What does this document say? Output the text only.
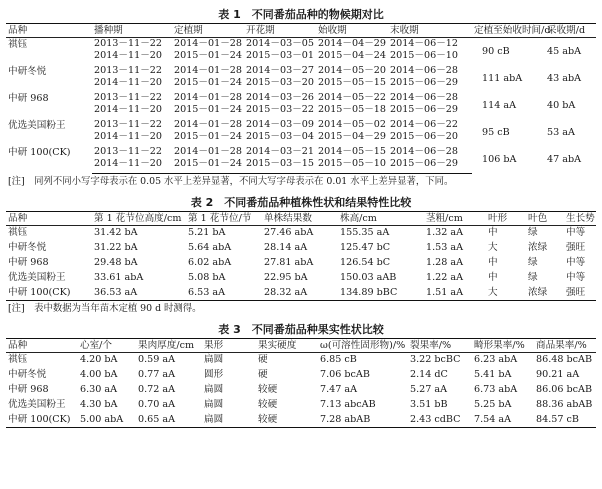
表 1　不同番茄品种的物候期对比
品种	播种期	定植期	开花期	始收期	末收期	定植至始收时间/d	采收期/d
祺钰	2013－11－22	2014－01－28	2014－03－05	2014－04－29	2014－06－12	90 cB	45 abA
	2014－11－20	2015－01－24	2015－03－01	2015－04－24	2015－06－10		
中研冬悦	2013－11－22	2014－01－28	2014－03－27	2014－05－20	2014－06－28	111 abA	43 abA
	2014－11－20	2015－01－24	2015－03－20	2015－05－15	2015－06－29		
中研 968	2013－11－22	2014－01－28	2014－03－26	2014－05－22	2014－06－28	114 aA	40 bA
	2014－11－20	2015－01－24	2015－03－22	2015－05－18	2015－06－29		
优选美国粉王	2013－11－22	2014－01－28	2014－03－09	2014－05－02	2014－06－22	95 cB	53 aA
	2014－11－20	2015－01－24	2015－03－04	2015－04－29	2015－06－20		
中研 100(CK)	2013－11－22	2014－01－28	2014－03－21	2014－05－15	2014－06－28	106 bA	47 abA
	2014－11－20	2015－01－24	2015－03－15	2015－05－10	2015－06－29		
[注]　同列不同小写字母表示在 0.05 水平上差异显著，不同大写字母表示在 0.01 水平上差异显著，下同。
表 2　不同番茄品种植株性状和结果特性比较
品种	第 1 花节位高度/cm	第 1 花节位/节	单株结果数	株高/cm	茎粗/cm	叶形	叶色	生长势
祺钰	31.42 bA	5.21 bA	27.46 abA	155.35 aA	1.32 aA	中	绿	中等
中研冬悦	31.22 bA	5.64 abA	28.14 aA	125.47 bC	1.53 aA	大	浓绿	强旺
中研 968	29.48 bA	6.02 abA	27.81 abA	126.54 bC	1.28 aA	中	绿	中等
优选美国粉王	33.61 abA	5.08 bA	22.95 bA	150.03 aAB	1.22 aA	中	绿	中等
中研 100(CK)	36.53 aA	6.53 aA	28.32 aA	134.89 bBC	1.51 aA	大	浓绿	强旺
[注]　表中数据为当年苗木定植 90 d 时测得。
表 3　不同番茄品种果实性状比较
品种	心室/个	果肉厚度/cm	果形	果实硬度	ω(可溶性固形物)/%	裂果率/%	畸形果率/%	商品果率/%
祺钰	4.20 bA	0.59 aA	扁圆	硬	6.85 cB	3.22 bcBC	6.23 abA	86.48 bcAB
中研冬悦	4.00 bA	0.77 aA	圆形	硬	7.06 bcAB	2.14 dC	5.41 bA	90.21 aA
中研 968	6.30 aA	0.72 aA	扁圆	较硬	7.47 aA	5.27 aA	6.73 abA	86.06 bcAB
优选美国粉王	4.30 bA	0.70 aA	扁圆	较硬	7.13 abcAB	3.51 bB	5.25 bA	88.36 abAB
中研 100(CK)	5.00 abA	0.65 aA	扁圆	较硬	7.28 abAB	2.43 cdBC	7.54 aA	84.57 cB
